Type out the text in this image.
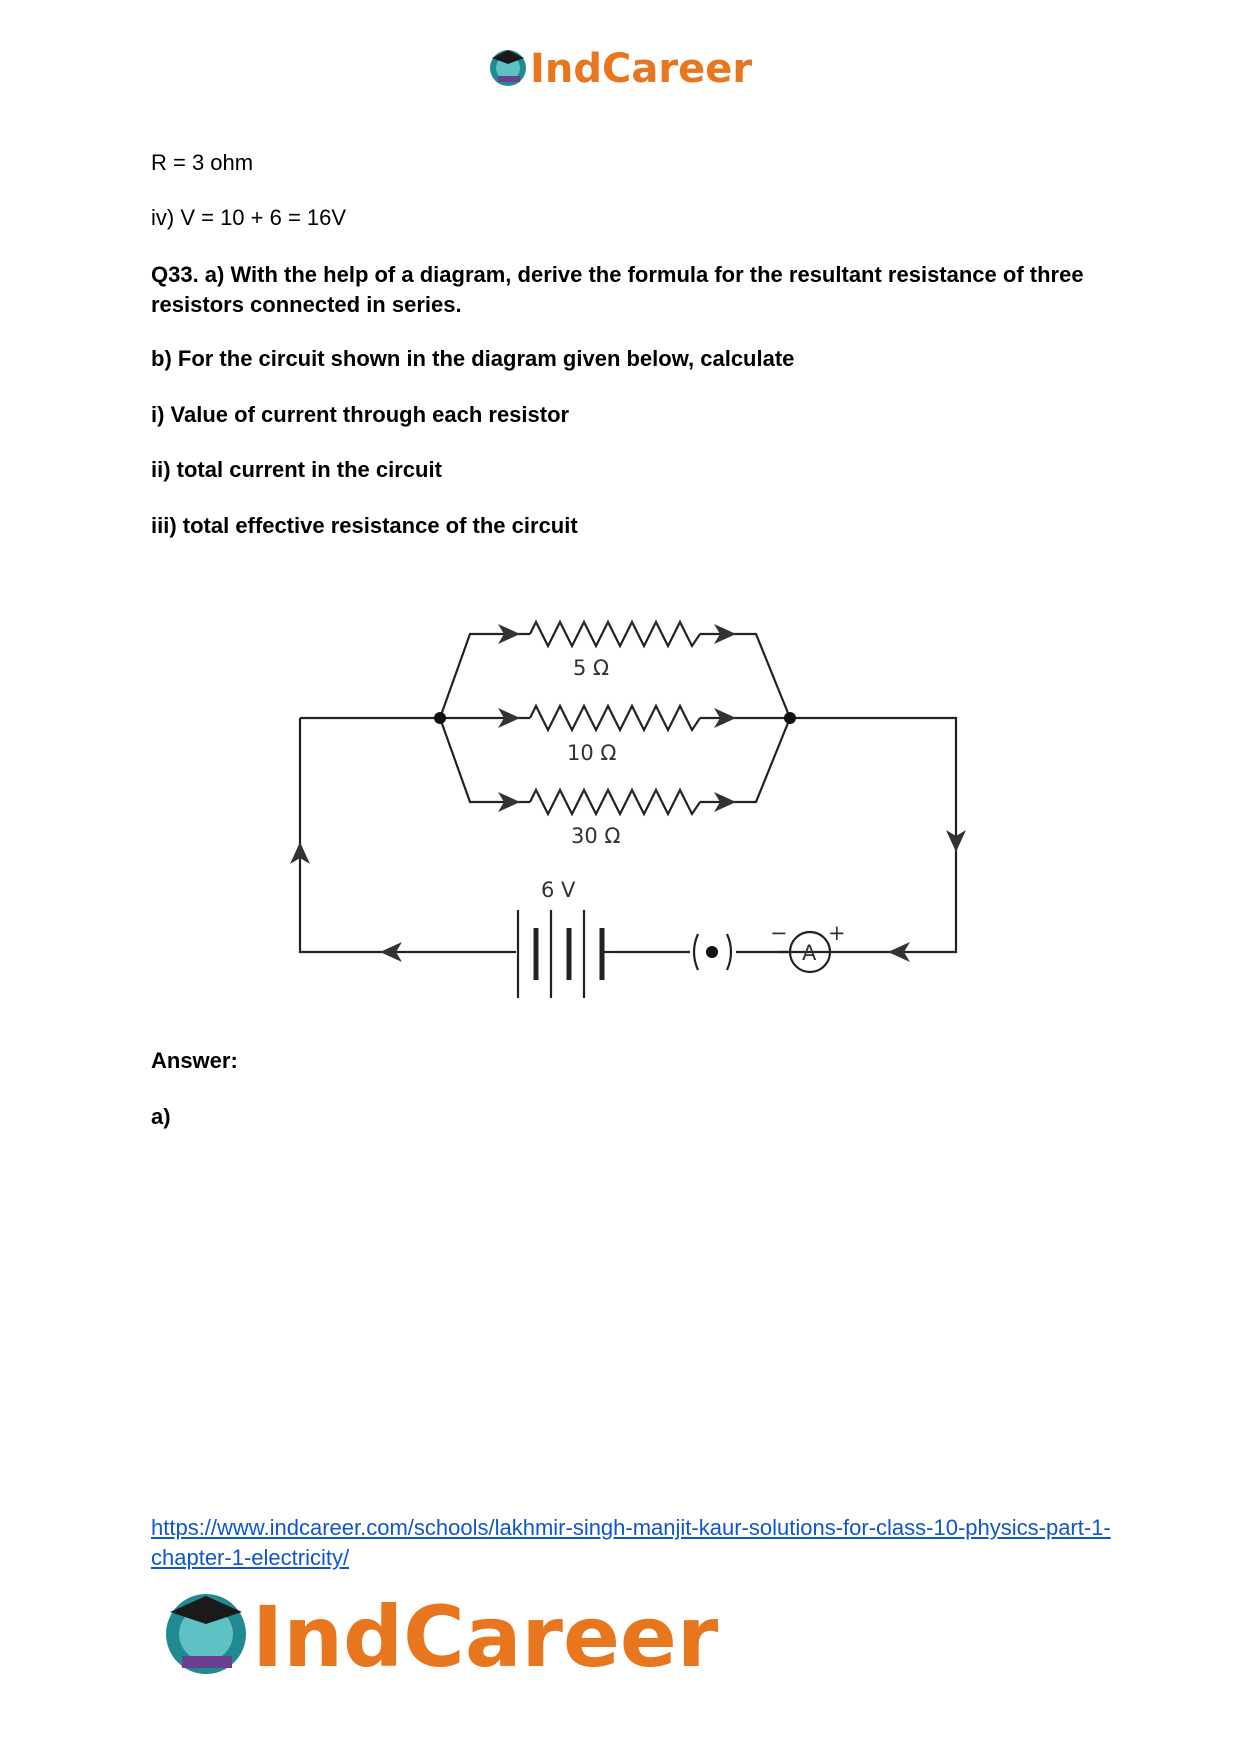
IndCareer

R = 3 ohm

iv) V = 10 + 6 = 16V

Q33. a) With the help of a diagram, derive the formula for the resultant resistance of three resistors connected in series.

b) For the circuit shown in the diagram given below, calculate

i) Value of current through each resistor

ii) total current in the circuit

iii) total effective resistance of the circuit

5 Ω
10 Ω
30 Ω
6 V
A
− +

Answer:

a)

https://www.indcareer.com/schools/lakhmir-singh-manjit-kaur-solutions-for-class-10-physics-part-1-chapter-1-electricity/
IndCareer
